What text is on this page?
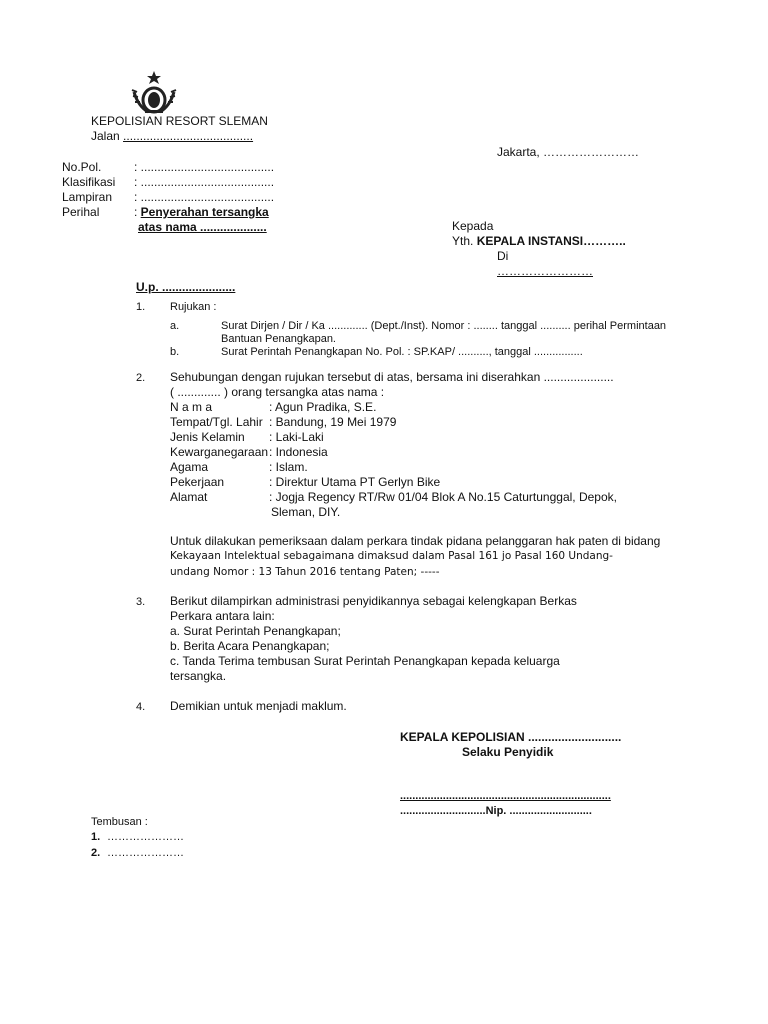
KEPOLISIAN RESORT SLEMAN
Jalan .......................................
Jakarta, ……………………
No.Pol.	: ........................................
Klasifikasi : ........................................
Lampiran : ........................................
Perihal	: Penyerahan tersangka
atas nama ....................	Kepada
Yth. KEPALA INSTANSI………..
Di
……………………
U.p. ......................
1. Rujukan :
a.	Surat Dirjen / Dir / Ka ............. (Dept./Inst). Nomor : ........ tanggal .......... perihal Permintaan
Bantuan Penangkapan.
b.	Surat Perintah Penangkapan No. Pol. : SP.KAP/ .........., tanggal ................
2. Sehubungan dengan rujukan tersebut di atas, bersama ini diserahkan .....................
( ............. ) orang tersangka atas nama :
N a m a	: Agun Pradika, S.E.
Tempat/Tgl. Lahir : Bandung, 19 Mei 1979
Jenis Kelamin : Laki-Laki
Kewarganegaraan : Indonesia
Agama	: Islam.
Pekerjaan	: Direktur Utama PT Gerlyn Bike
Alamat	: Jogja Regency RT/Rw 01/04 Blok A No.15 Caturtunggal, Depok,
Sleman, DIY.
Untuk dilakukan pemeriksaan dalam perkara tindak pidana pelanggaran hak paten di bidang
Kekayaan Intelektual sebagaimana dimaksud dalam Pasal 161 jo Pasal 160 Undang-
undang Nomor : 13 Tahun 2016 tentang Paten; -----
3. Berikut dilampirkan administrasi penyidikannya sebagai kelengkapan Berkas
Perkara antara lain:
a. Surat Perintah Penangkapan;
b. Berita Acara Penangkapan;
c. Tanda Terima tembusan Surat Perintah Penangkapan kepada keluarga
tersangka.
4. Demikian untuk menjadi maklum.
KEPALA KEPOLISIAN ............................
Selaku Penyidik
.....................................................................
............................Nip. ...........................
Tembusan :
1. …………………
2. …………………
